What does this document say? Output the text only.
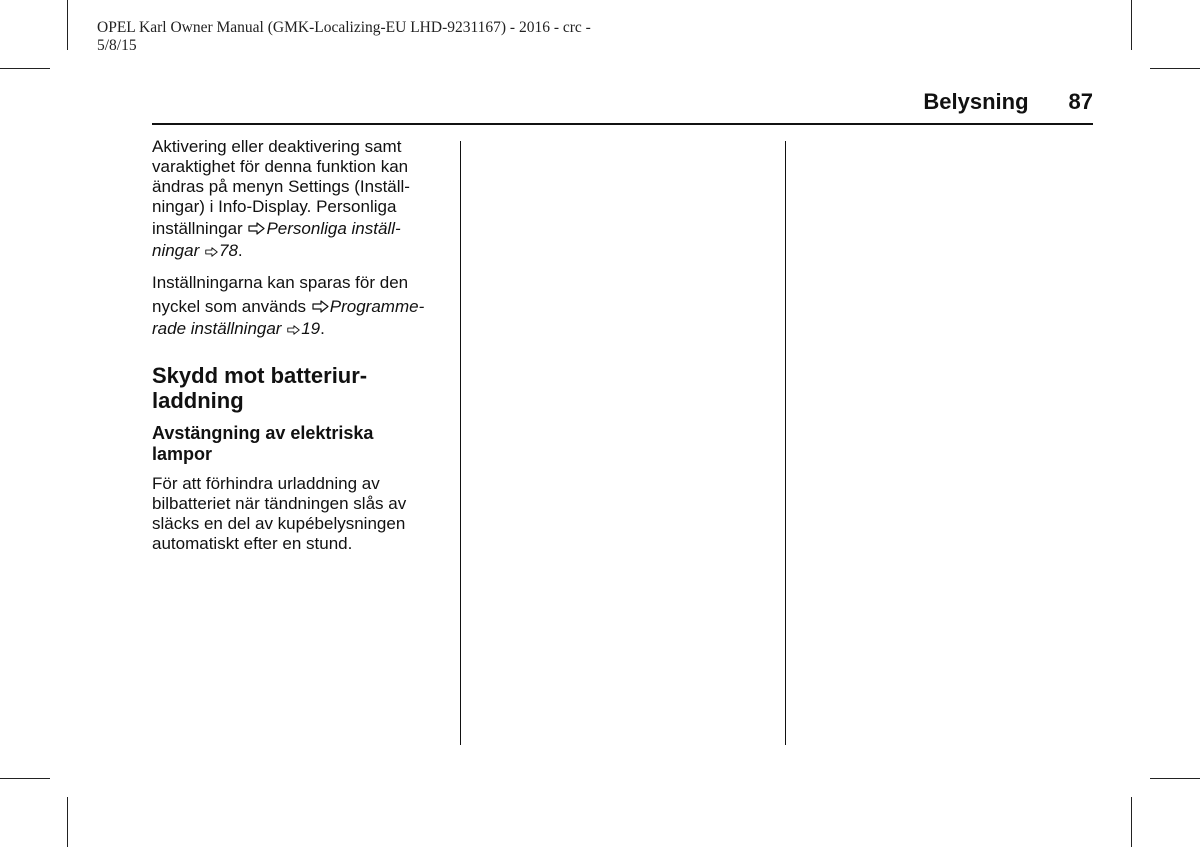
OPEL Karl Owner Manual (GMK-Localizing-EU LHD-9231167) - 2016 - crc -
5/8/15
Belysning 87

Aktivering eller deaktivering samt
varaktighet för denna funktion kan
ändras på menyn Settings (Inställ-
ningar) i Info-Display. Personliga
inställningar Personliga inställ-
ningar 78.

Inställningarna kan sparas för den
nyckel som används Programme-
rade inställningar 19.

Skydd mot batteriur-
laddning
Avstängning av elektriska
lampor

För att förhindra urladdning av
bilbatteriet när tändningen slås av
släcks en del av kupébelysningen
automatiskt efter en stund.
